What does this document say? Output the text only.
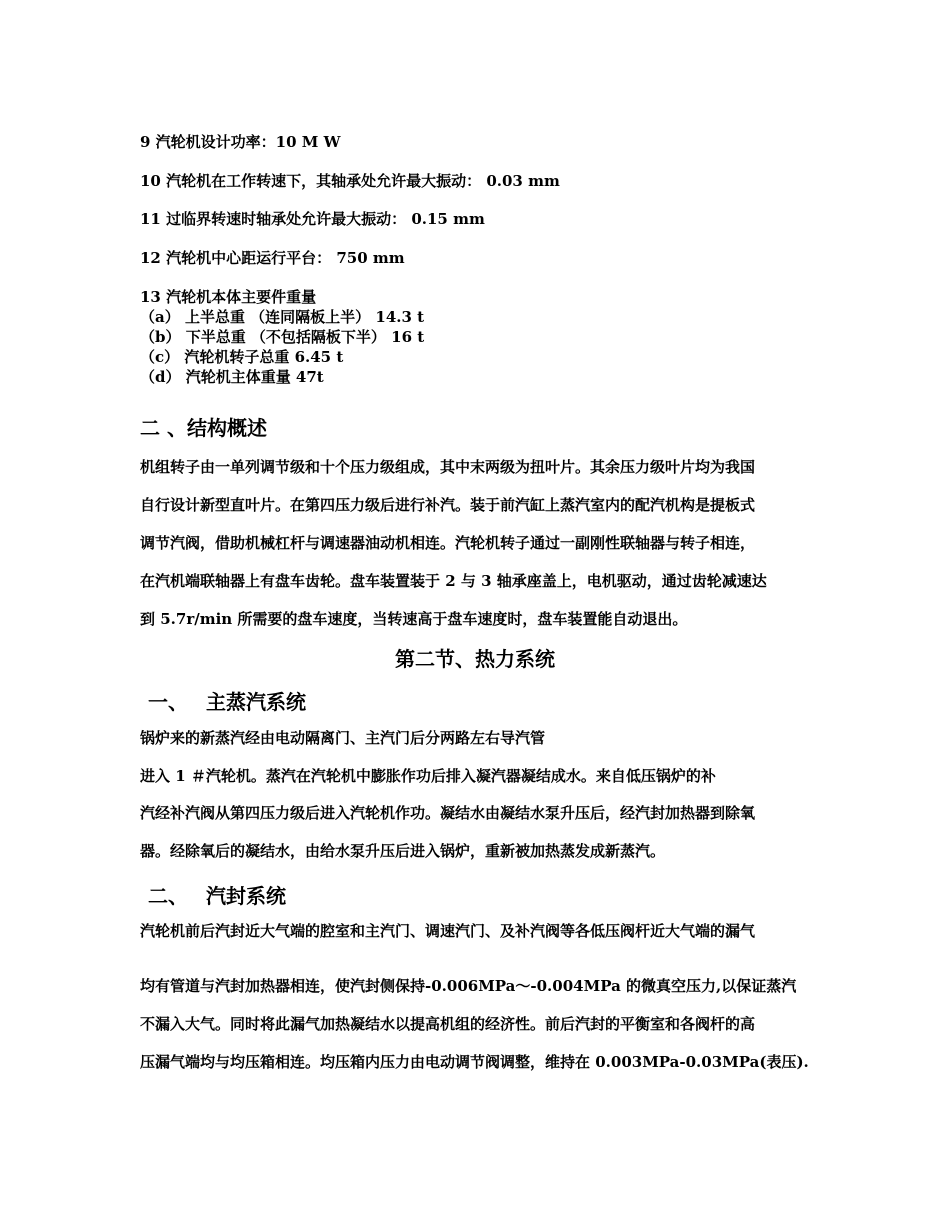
9 汽轮机设计功率：10 M W
10 汽轮机在工作转速下，其轴承处允许最大振动： 0.03 mm
11 过临界转速时轴承处允许最大振动： 0.15 mm
12 汽轮机中心距运行平台： 750 mm
13 汽轮机本体主要件重量
（a） 上半总重 （连同隔板上半） 14.3 t
（b） 下半总重 （不包括隔板下半） 16 t
（c） 汽轮机转子总重 6.45 t
（d） 汽轮机主体重量 47t
二 、结构概述
机组转子由一单列调节级和十个压力级组成，其中末两级为扭叶片。其余压力级叶片均为我国
自行设计新型直叶片。在第四压力级后进行补汽。装于前汽缸上蒸汽室内的配汽机构是提板式
调节汽阀，借助机械杠杆与调速器油动机相连。汽轮机转子通过一副刚性联轴器与转子相连，
在汽机端联轴器上有盘车齿轮。盘车装置装于 2 与 3 轴承座盖上，电机驱动，通过齿轮减速达
到 5.7r/min 所需要的盘车速度，当转速高于盘车速度时，盘车装置能自动退出。
第二节、热力系统
一、 主蒸汽系统
锅炉来的新蒸汽经由电动隔离门、主汽门后分两路左右导汽管
进入 1 ＃汽轮机。蒸汽在汽轮机中膨胀作功后排入凝汽器凝结成水。来自低压锅炉的补
汽经补汽阀从第四压力级后进入汽轮机作功。凝结水由凝结水泵升压后，经汽封加热器到除氧
器。经除氧后的凝结水，由给水泵升压后进入锅炉，重新被加热蒸发成新蒸汽。
二、 汽封系统
汽轮机前后汽封近大气端的腔室和主汽门、调速汽门、及补汽阀等各低压阀杆近大气端的漏气
均有管道与汽封加热器相连，使汽封侧保持-0.006MPa～-0.004MPa 的微真空压力,以保证蒸汽
不漏入大气。同时将此漏气加热凝结水以提高机组的经济性。前后汽封的平衡室和各阀杆的高
压漏气端均与均压箱相连。均压箱内压力由电动调节阀调整，维持在 0.003MPa-0.03MPa(表压).
